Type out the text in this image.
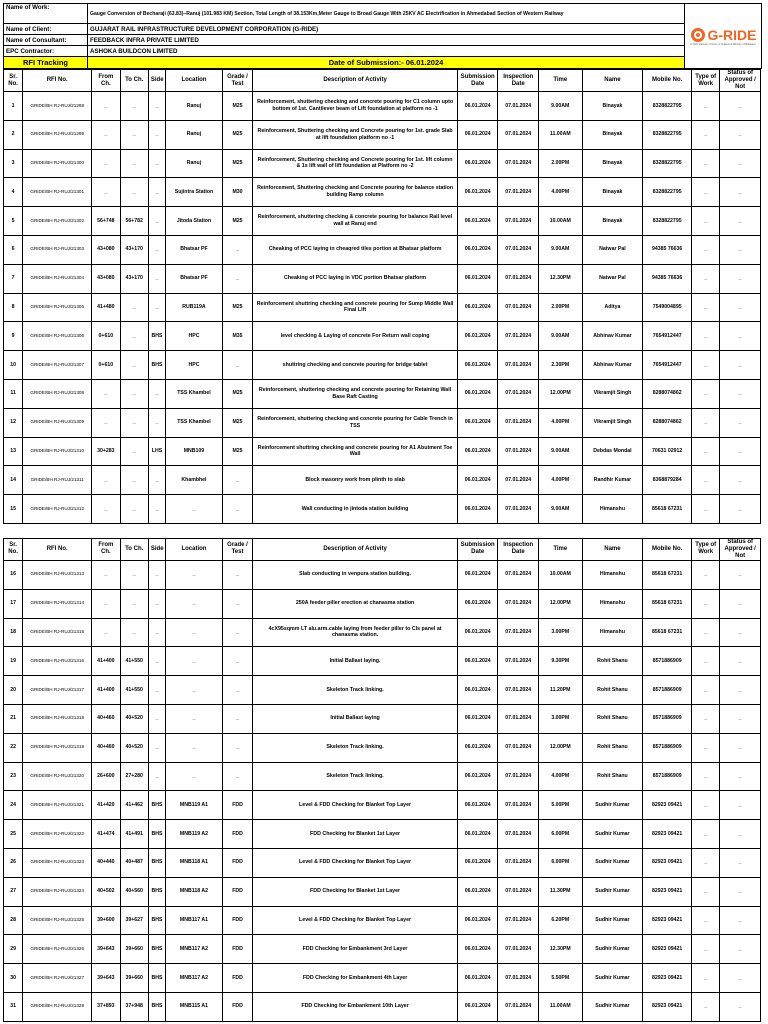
Name of Work:	Gauge Conversion of Becharaji (63.83)–Ranuj (101.983 KM) Section, Total Length of 38.153Km,Meter Gauge to Broad Gauge With 25KV AC Electrification in Ahmedabad Section of Western Railway	G-RIDE
A Joint Venture of Govt. of Gujarat & Ministry of Railways

Name of Client:	GUJARAT RAIL INFRASTRUCTURE DEVELOPMENT CORPORATION (G-RIDE)	
Name of Consultant:	FEEDBACK INFRA PRIVATE LIMITED	
EPC Contractor:	ASHOKA BUILDCON LIMITED	
RFI Tracking	Date of Submission:- 06.01.2024	
Sr. No.	RFI No.	From Ch.	To Ch.	Side	Location	Grade / Test	Description of Activity	Submission Date	Inspection Date	Time	Name	Mobile No.	Type of Work	Status of Approved / Not
1	GRIDE/BH RJ-RUJ/21298	_	_	_	Ranuj	M25	Reinforcement, shuttering checking and concrete pouring for C1 column upto bottom of 1st. Cantilever beam of Lift foundation at platform no -1	06.01.2024	07.01.2024	9.00AM	Binayak	8328822795	_	_
2	GRIDE/BH RJ-RUJ/21299	_	_	_	Ranuj	M25	Reinforcement, Shuttering checking and Concrete pouring for 1st. grade Slab at lift foundation platform no -1	06.01.2024	07.01.2024	11.00AM	Binayak	8328822795	_	_
3	GRIDE/BH RJ-RUJ/21300	_	_	_	Ranuj	M25	Reinforcement, Shuttering checking and Concrete pouring for 1st. lift column & 1s lift wall of lift foundation at Platform no -2	06.01.2024	07.01.2024	2.00PM	Binayak	8328822795	_	_
4	GRIDE/BH RJ-RUJ/21301	_	_	_	Sujintra Station	M30	Reinforcement, Shuttering checking and Concrete pouring for balance station building Ramp column	06.01.2024	07.01.2024	4.00PM	Binayak	8328822795	_	_
5	GRIDE/BH RJ-RUJ/21302	56+748	56+782	_	Jitoda Station	M25	Reinforcement, shuttering checking & concrete pouring for balance Rail level wall at Ranuj end	06.01.2024	07.01.2024	10.00AM	Binayak	8328822795	_	_
6	GRIDE/BH RJ-RUJ/21303	43+080	43+170	_	Bhatsar PF	_	Cheaking of PCC laying in cheaqred tiles portion at Bhatsar platform	06.01.2024	07.01.2024	9.00AM	Natwar Pal	94385 76636	_	_
7	GRIDE/BH RJ-RUJ/21304	43+080	43+170	_	Bhatsar PF	_	Cheaking of PCC laying in VDC portion Bhatsar platform	06.01.2024	07.01.2024	12.30PM	Natwar Pal	94385 76636	_	_
8	GRIDE/BH RJ-RUJ/21305	41+480	_	_	RUB119A	M25	Reinforcement shuttring checking and concrete pouring for Sump Middle Wall Final Lift	06.01.2024	07.01.2024	2.00PM	Aditya	7549004895	_	_
9	GRIDE/BH RJ-RUJ/21306	0+610	_	BHS	HPC	M35	level checking & Laying of concrete For Return wall coping	06.01.2024	07.01.2024	9.00AM	Abhinav Kumar	7654912447	_	_
10	GRIDE/BH RJ-RUJ/21307	0+610	_	BHS	HPC	_	shuttring checking and concrete pouring for bridge tablet	06.01.2024	07.01.2024	2.30PM	Abhinav Kumar	7654912447	_	_
11	GRIDE/BH RJ-RUJ/21308	_	_	_	TSS Khambel	M25	Reinforcement, shuttering checking and concrete pouring for Retaining Wall Base Raft Casting	06.01.2024	07.01.2024	12.00PM	Vikramjit Singh	8288074862	_	_
12	GRIDE/BH RJ-RUJ/21309	_	_	_	TSS Khambel	M25	Reinforcement, shuttering checking and concrete pouring for Cable Trench in TSS	06.01.2024	07.01.2024	4.00PM	Vikramjit Singh	8288074862	_	_
13	GRIDE/BH RJ-RUJ/21310	30+283	_	LHS	MNB109	M25	Reinforcement shuttring checking and concrete pouring for A1 Abutment Toe Wall	06.01.2024	07.01.2024	9.00AM	Debdas Mondal	70631 02912	_	_
14	GRIDE/BH RJ-RUJ/21311	_	_	_	Khambhel	_	Block masonry work from plinth to slab	06.01.2024	07.01.2024	4.00PM	Randhir Kumar	8368879284	_	_
15	GRIDE/BH RJ-RUJ/21312	_	_	_	_	_	Wall conducting in jintoda station building	06.01.2024	07.01.2024	9.00AM	Himanshu	85618 67231	_	_
Sr. No.	RFI No.	From Ch.	To Ch.	Side	Location	Grade / Test	Description of Activity	Submission Date	Inspection Date	Time	Name	Mobile No.	Type of Work	Status of Approved / Not
16	GRIDE/BH RJ-RUJ/21313	_	_	_	_	_	Slab conducting in venpura station building.	06.01.2024	07.01.2024	10.00AM	Himanshu	85618 67231	_	_
17	GRIDE/BH RJ-RUJ/21314	_	_	_	_	_	250A feeder piller erection at chanasma station	06.01.2024	07.01.2024	12.00PM	Himanshu	85618 67231	_	_
18	GRIDE/BH RJ-RUJ/21315	_	_	_	_	_	4cX95sqmm LT alu.arm.cable laying from feeder piller to Cls panel at chanasma station.	06.01.2024	07.01.2024	3.00PM	Himanshu	85618 67231	_	_
19	GRIDE/BH RJ-RUJ/21316	41+400	41+550	_	_	_	Initial Ballast laying.	06.01.2024	07.01.2024	9.30PM	Rohit Shanu	8571886909	_	_
20	GRIDE/BH RJ-RUJ/21317	41+400	41+550	_	_	_	Skeleton Track linking.	06.01.2024	07.01.2024	11.20PM	Rohit Shanu	8571886909	_	_
21	GRIDE/BH RJ-RUJ/21318	40+460	40+520	_	_	_	Initial Ballast laying	06.01.2024	07.01.2024	3.00PM	Rohit Shanu	8571886909	_	_
22	GRIDE/BH RJ-RUJ/21319	40+460	40+520	_	_	_	Skeleton Track linking.	06.01.2024	07.01.2024	12.00PM	Rohit Shanu	8571886909	_	_
23	GRIDE/BH RJ-RUJ/21320	26+600	27+280	_	_	_	Skeleton Track linking.	06.01.2024	07.01.2024	4.00PM	Rohit Shanu	8571886909	_	_
24	GRIDE/BH RJ-RUJ/21321	41+420	41+462	BHS	MNB119 A1	FDD	Level & FDD Checking for Blanket Top Layer	06.01.2024	07.01.2024	5.00PM	Sudhir Kumar	82923 09421	_	_
25	GRIDE/BH RJ-RUJ/21322	41+474	41+491	BHS	MNB119 A2	FDD	FDD Checking for Blanket 1st Layer	06.01.2024	07.01.2024	6.00PM	Sudhir Kumar	82923 09421	_	_
26	GRIDE/BH RJ-RUJ/21323	40+440	40+487	BHS	MNB118 A1	FDD	Level & FDD Checking for Blanket Top Layer	06.01.2024	07.01.2024	6.00PM	Sudhir Kumar	82923 09421	_	_
27	GRIDE/BH RJ-RUJ/21324	40+502	40+560	BHS	MNB118 A2	FDD	FDD Checking for Blanket 1st Layer	06.01.2024	07.01.2024	11.30PM	Sudhir Kumar	82923 09421	_	_
28	GRIDE/BH RJ-RUJ/21325	39+600	39+627	BHS	MNB117 A1	FDD	Level & FDD Checking for Blanket Top Layer	06.01.2024	07.01.2024	6.20PM	Sudhir Kumar	82923 09421	_	_
29	GRIDE/BH RJ-RUJ/21326	39+643	39+660	BHS	MNB117 A2	FDD	FDD Checking for Embankment 3rd Layer	06.01.2024	07.01.2024	12.30PM	Sudhir Kumar	82923 09421	_	_
30	GRIDE/BH RJ-RUJ/21327	39+643	39+660	BHS	MNB117 A2	FDD	FDD Checking for Embankment 4th Layer	06.01.2024	07.01.2024	5.50PM	Sudhir Kumar	82923 09421	_	_
31	GRIDE/BH RJ-RUJ/21328	37+893	37+948	BHS	MNB115 A1	FDD	FDD Checking for Embankment 10th Layer	06.01.2024	07.01.2024	11.00AM	Sudhir Kumar	82923 09421	_	_
